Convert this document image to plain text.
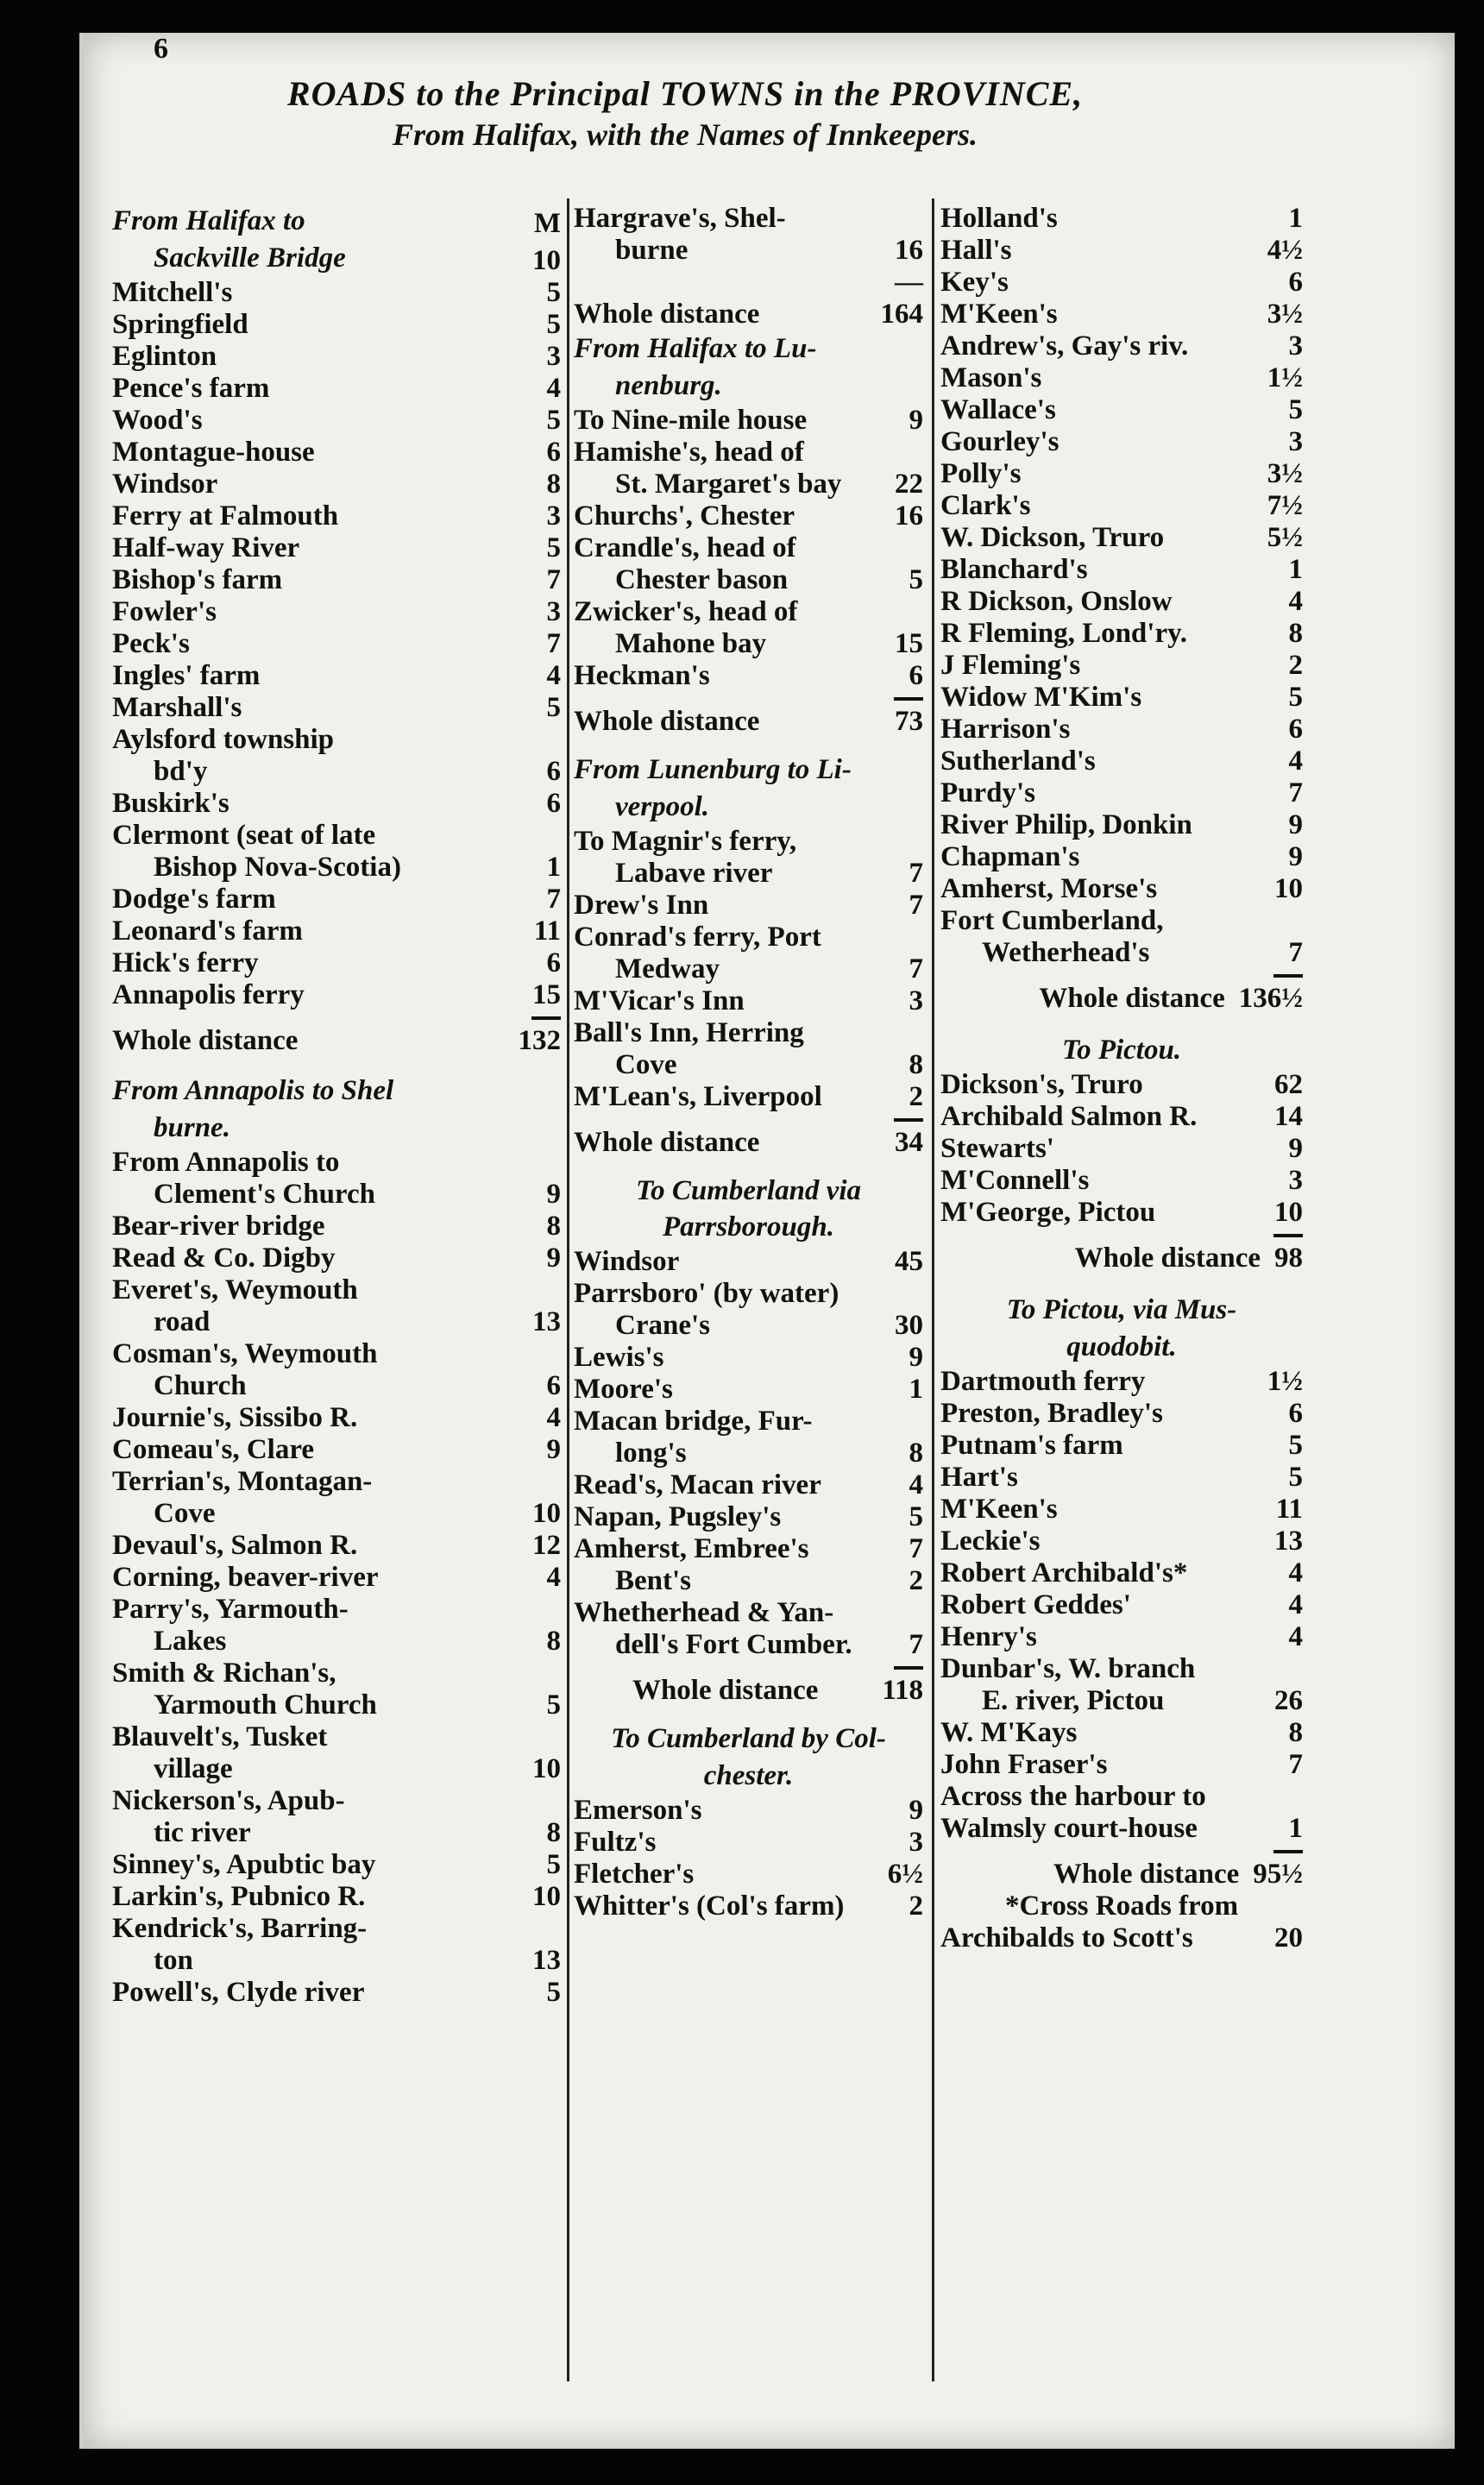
6
ROADS to the Principal TOWNS in the PROVINCE,
From Halifax, with the Names of Innkeepers.
From Halifax to	M
Sackville Bridge	10
Mitchell's	5
Springfield	5
Eglinton	3
Pence's farm	4
Wood's	5
Montague-house	6
Windsor	8
Ferry at Falmouth	3
Half-way River	5
Bishop's farm	7
Fowler's	3
Peck's	7
Ingles' farm	4
Marshall's	5
Aylsford township
bd'y	6
Buskirk's	6
Clermont (seat of late
Bishop Nova-Scotia)	1
Dodge's farm	7
Leonard's farm	11
Hick's ferry	6
Annapolis ferry	15
Whole distance	132
From Annapolis to Shel
burne.
From Annapolis to
Clement's Church	9
Bear-river bridge	8
Read & Co. Digby	9
Everet's, Weymouth
road	13
Cosman's, Weymouth
Church	6
Journie's, Sissibo R.	4
Comeau's, Clare	9
Terrian's, Montagan-
Cove	10
Devaul's, Salmon R.	12
Corning, beaver-river	4
Parry's, Yarmouth-
Lakes	8
Smith & Richan's,
Yarmouth Church	5
Blauvelt's, Tusket
village	10
Nickerson's, Apub-
tic river	8
Sinney's, Apubtic bay	5
Larkin's, Pubnico R.	10
Kendrick's, Barring-
ton	13
Powell's, Clyde river	5
Hargrave's, Shel-
burne	16
—
Whole distance	164
From Halifax to Lu-
nenburg.
To Nine-mile house	9
Hamishe's, head of
St. Margaret's bay	22
Churchs', Chester	16
Crandle's, head of
Chester bason	5
Zwicker's, head of
Mahone bay	15
Heckman's	6
Whole distance	73
From Lunenburg to Li-
verpool.
To Magnir's ferry,
Labave river	7
Drew's Inn	7
Conrad's ferry, Port
Medway	7
M'Vicar's Inn	3
Ball's Inn, Herring
Cove	8
M'Lean's, Liverpool	2
Whole distance	34
To Cumberland via
Parrsborough.
Windsor	45
Parrsboro' (by water)
Crane's	30
Lewis's	9
Moore's	1
Macan bridge, Fur-
long's	8
Read's, Macan river	4
Napan, Pugsley's	5
Amherst, Embree's	7
Bent's	2
Whetherhead & Yan-
dell's Fort Cumber.	7
Whole distance	118
To Cumberland by Col-
chester.
Emerson's	9
Fultz's	3
Fletcher's	6½
Whitter's (Col's farm)	2
Holland's	1
Hall's	4½
Key's	6
M'Keen's	3½
Andrew's, Gay's riv.	3
Mason's	1½
Wallace's	5
Gourley's	3
Polly's	3½
Clark's	7½
W. Dickson, Truro	5½
Blanchard's	1
R Dickson, Onslow	4
R Fleming, Lond'ry.	8
J Fleming's	2
Widow M'Kim's	5
Harrison's	6
Sutherland's	4
Purdy's	7
River Philip, Donkin	9
Chapman's	9
Amherst, Morse's	10
Fort Cumberland,
Wetherhead's	7
Whole distance 136½
To Pictou.
Dickson's, Truro	62
Archibald Salmon R.	14
Stewarts'	9
M'Connell's	3
M'George, Pictou	10
Whole distance 98
To Pictou, via Mus-
quodobit.
Dartmouth ferry	1½
Preston, Bradley's	6
Putnam's farm	5
Hart's	5
M'Keen's	11
Leckie's	13
Robert Archibald's*	4
Robert Geddes'	4
Henry's	4
Dunbar's, W. branch
E. river, Pictou	26
W. M'Kays	8
John Fraser's	7
Across the harbour to
Walmsly court-house	1
Whole distance 95½
*Cross Roads from
Archibalds to Scott's	20
